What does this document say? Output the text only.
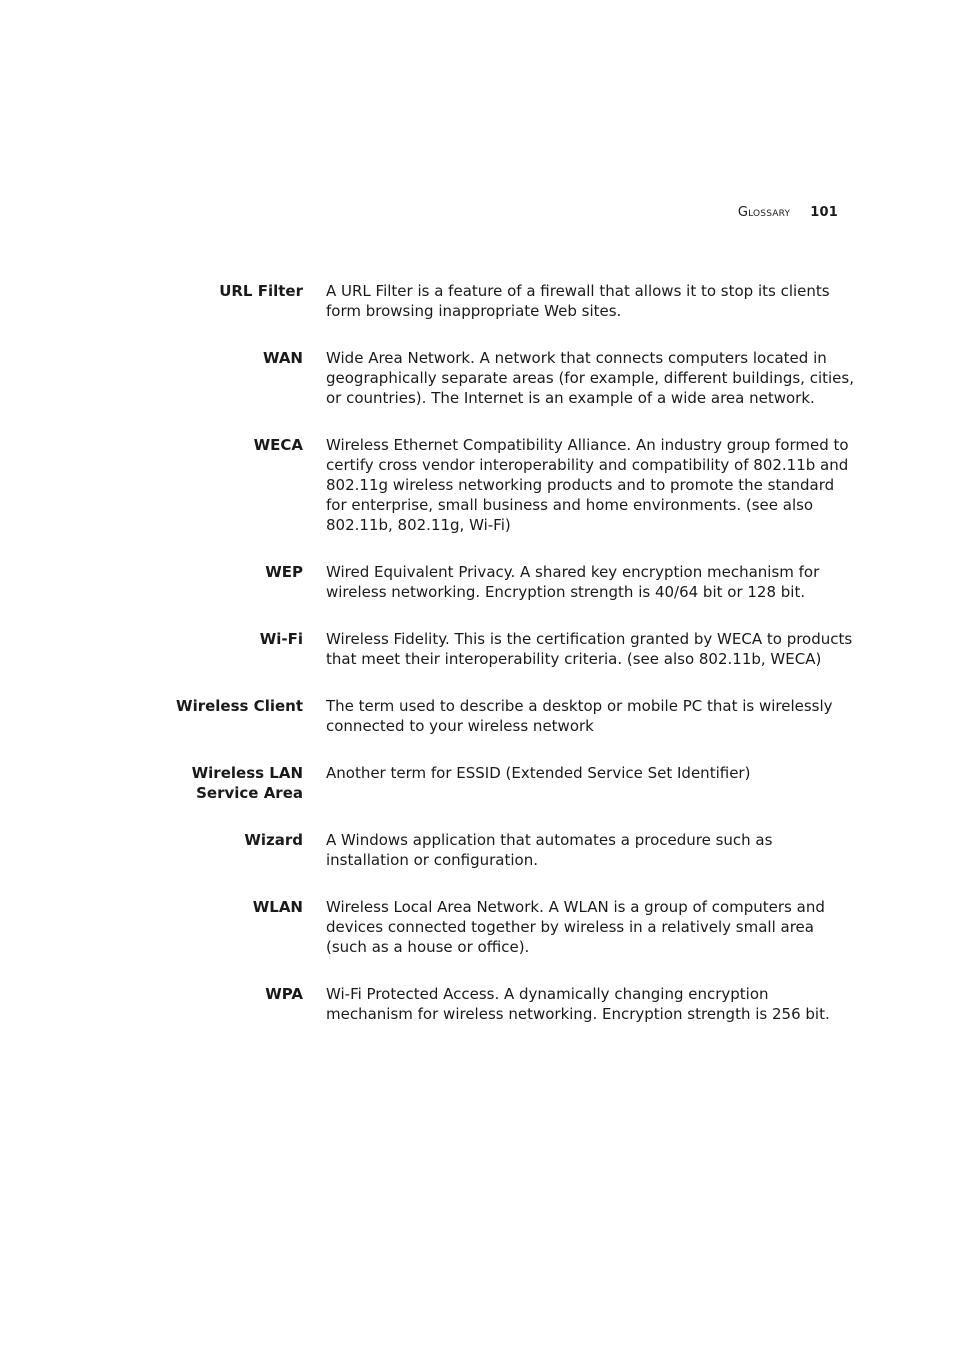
Glossary 101
URL Filter A URL Filter is a feature of a firewall that allows it to stop its clients form browsing inappropriate Web sites.
WAN Wide Area Network. A network that connects computers located in geographically separate areas (for example, different buildings, cities, or countries). The Internet is an example of a wide area network.
WECA Wireless Ethernet Compatibility Alliance. An industry group formed to certify cross vendor interoperability and compatibility of 802.11b and 802.11g wireless networking products and to promote the standard for enterprise, small business and home environments. (see also 802.11b, 802.11g, Wi-Fi)
WEP Wired Equivalent Privacy. A shared key encryption mechanism for wireless networking. Encryption strength is 40/64 bit or 128 bit.
Wi-Fi Wireless Fidelity. This is the certification granted by WECA to products that meet their interoperability criteria. (see also 802.11b, WECA)
Wireless Client The term used to describe a desktop or mobile PC that is wirelessly connected to your wireless network
Wireless LAN Service Area
Another term for ESSID (Extended Service Set Identifier)
Wizard A Windows application that automates a procedure such as installation or configuration.
WLAN Wireless Local Area Network. A WLAN is a group of computers and devices connected together by wireless in a relatively small area (such as a house or office).
WPA Wi-Fi Protected Access. A dynamically changing encryption mechanism for wireless networking. Encryption strength is 256 bit.
